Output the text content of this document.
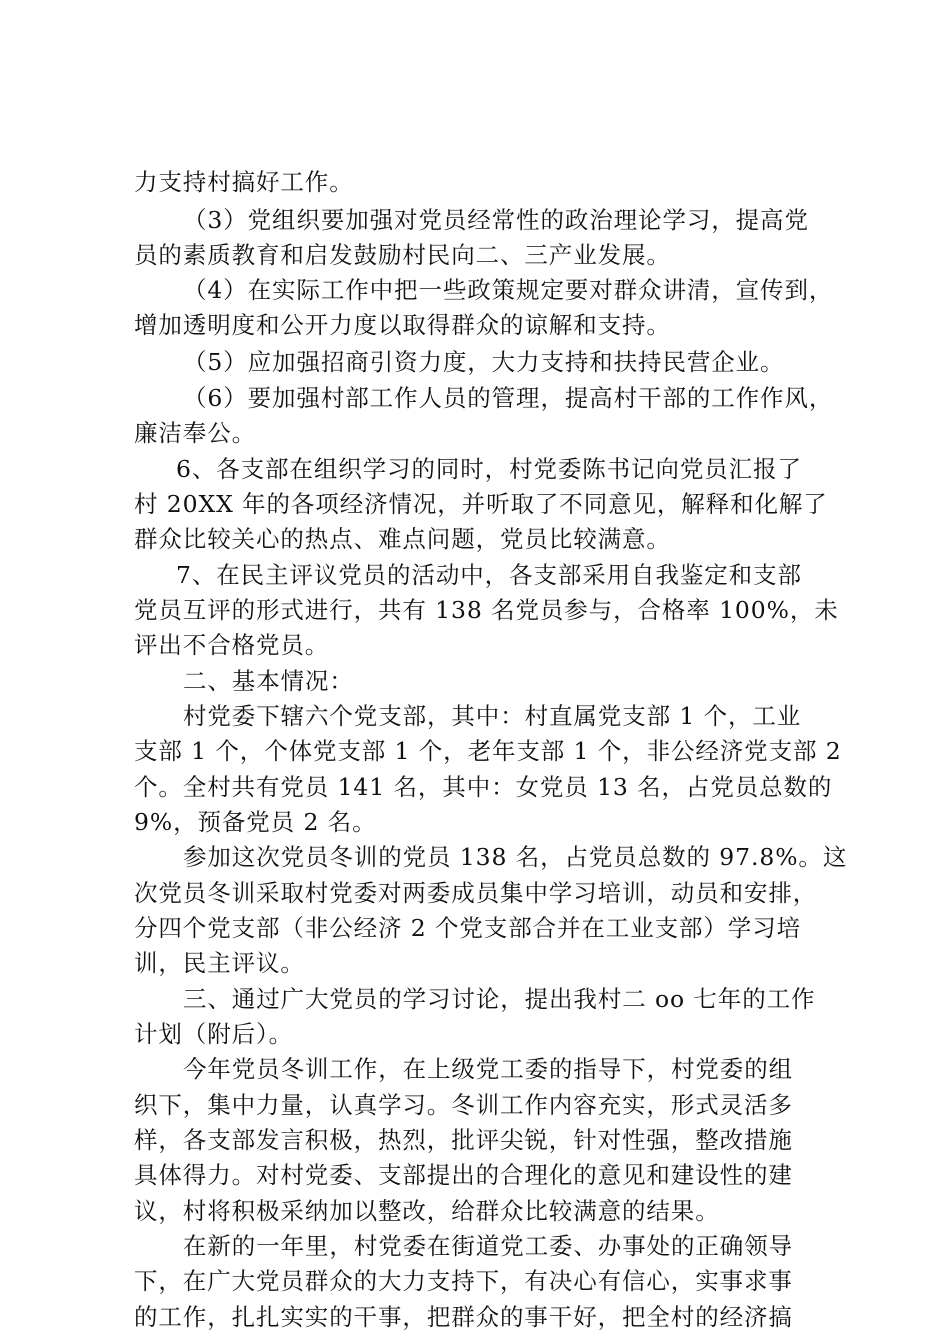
力支持村搞好工作。
（3）党组织要加强对党员经常性的政治理论学习，提高党
员的素质教育和启发鼓励村民向二、三产业发展。
（4）在实际工作中把一些政策规定要对群众讲清，宣传到，
增加透明度和公开力度以取得群众的谅解和支持。
（5）应加强招商引资力度，大力支持和扶持民营企业。
（6）要加强村部工作人员的管理，提高村干部的工作作风，
廉洁奉公。
6、各支部在组织学习的同时，村党委陈书记向党员汇报了
村 20XX 年的各项经济情况，并听取了不同意见，解释和化解了
群众比较关心的热点、难点问题，党员比较满意。
7、在民主评议党员的活动中，各支部采用自我鉴定和支部
党员互评的形式进行，共有 138 名党员参与，合格率 100%，未
评出不合格党员。
二、基本情况：
村党委下辖六个党支部，其中：村直属党支部 1 个，工业
支部 1 个，个体党支部 1 个，老年支部 1 个，非公经济党支部 2
个。全村共有党员 141 名，其中：女党员 13 名，占党员总数的
9%，预备党员 2 名。
参加这次党员冬训的党员 138 名，占党员总数的 97.8%。这
次党员冬训采取村党委对两委成员集中学习培训，动员和安排，
分四个党支部（非公经济 2 个党支部合并在工业支部）学习培
训，民主评议。
三、通过广大党员的学习讨论，提出我村二 oo 七年的工作
计划（附后）。
今年党员冬训工作，在上级党工委的指导下，村党委的组
织下，集中力量，认真学习。冬训工作内容充实，形式灵活多
样，各支部发言积极，热烈，批评尖锐，针对性强，整改措施
具体得力。对村党委、支部提出的合理化的意见和建设性的建
议，村将积极采纳加以整改，给群众比较满意的结果。
在新的一年里，村党委在街道党工委、办事处的正确领导
下，在广大党员群众的大力支持下，有决心有信心，实事求事
的工作，扎扎实实的干事，把群众的事干好，把全村的经济搞
